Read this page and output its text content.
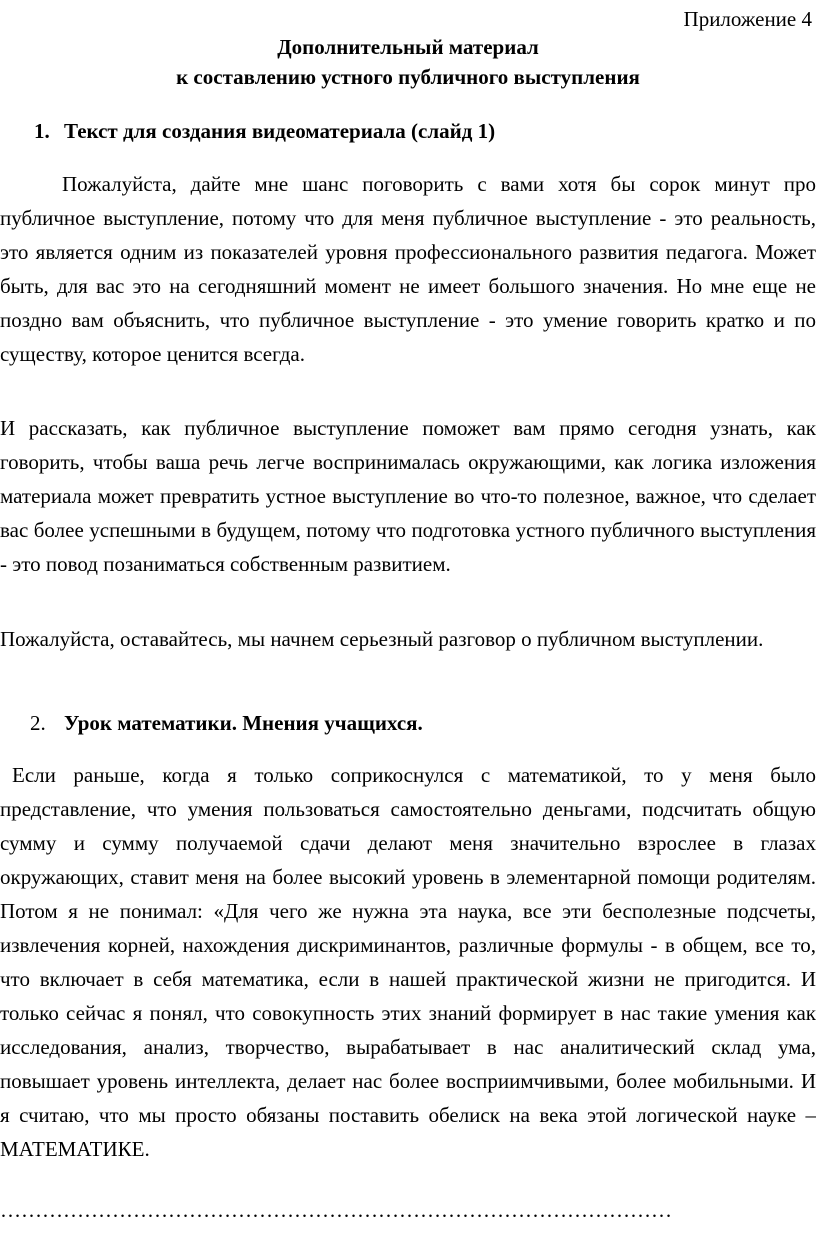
Приложение 4
Дополнительный материал
к составлению устного публичного выступления
1. Текст для создания видеоматериала (слайд 1)

Пожалуйста, дайте мне шанс поговорить с вами хотя бы сорок минут про публичное выступление, потому что для меня публичное выступление - это реальность, это является одним из показателей уровня профессионального развития педагога. Может быть, для вас это на сегодняшний момент не имеет большого значения. Но мне еще не поздно вам объяснить, что публичное выступление - это умение говорить кратко и по существу, которое ценится всегда.

И рассказать, как публичное выступление поможет вам прямо сегодня узнать, как говорить, чтобы ваша речь легче воспринималась окружающими, как логика изложения материала может превратить устное выступление во что-то полезное, важное, что сделает вас более успешными в будущем, потому что подготовка устного публичного выступления - это повод позаниматься собственным развитием.

Пожалуйста, оставайтесь, мы начнем серьезный разговор о публичном выступлении.

2. Урок математики. Мнения учащихся.

Если раньше, когда я только соприкоснулся с математикой, то у меня было представление, что умения пользоваться самостоятельно деньгами, подсчитать общую сумму и сумму получаемой сдачи делают меня значительно взрослее в глазах окружающих, ставит меня на более высокий уровень в элементарной помощи родителям. Потом я не понимал: «Для чего же нужна эта наука, все эти бесполезные подсчеты, извлечения корней, нахождения дискриминантов, различные формулы - в общем, все то, что включает в себя математика, если в нашей практической жизни не пригодится. И только сейчас я понял, что совокупность этих знаний формирует в нас такие умения как исследования, анализ, творчество, вырабатывает в нас аналитический склад ума, повышает уровень интеллекта, делает нас более восприимчивыми, более мобильными. И я считаю, что мы просто обязаны поставить обелиск на века этой логической науке – МАТЕМАТИКЕ.

……………………………………………………………………………………
